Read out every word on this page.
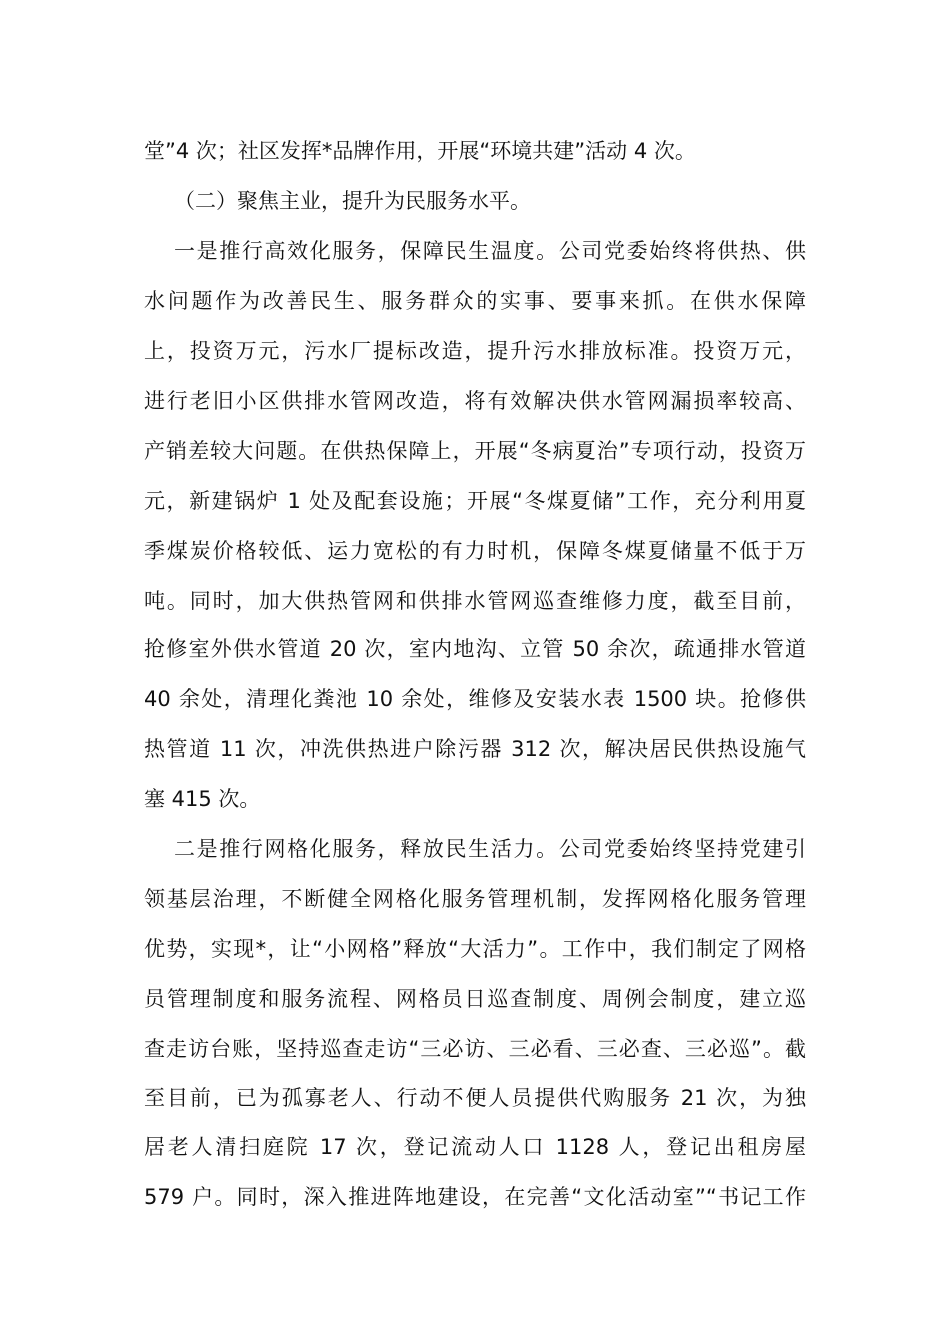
堂”4 次；社区发挥*品牌作用，开展“环境共建”活动 4 次。
（二）聚焦主业，提升为民服务水平。
一是推行高效化服务，保障民生温度。公司党委始终将供热、供
水问题作为改善民生、服务群众的实事、要事来抓。在供水保障
上，投资万元，污水厂提标改造，提升污水排放标准。投资万元，
进行老旧小区供排水管网改造，将有效解决供水管网漏损率较高、
产销差较大问题。在供热保障上，开展“冬病夏治”专项行动，投资万
元，新建锅炉 1 处及配套设施；开展“冬煤夏储”工作，充分利用夏
季煤炭价格较低、运力宽松的有力时机，保障冬煤夏储量不低于万
吨。同时，加大供热管网和供排水管网巡查维修力度，截至目前，
抢修室外供水管道 20 次，室内地沟、立管 50 余次，疏通排水管道
40 余处，清理化粪池 10 余处，维修及安装水表 1500 块。抢修供
热管道 11 次，冲洗供热进户除污器 312 次，解决居民供热设施气
塞 415 次。
二是推行网格化服务，释放民生活力。公司党委始终坚持党建引
领基层治理，不断健全网格化服务管理机制，发挥网格化服务管理
优势，实现*，让“小网格”释放“大活力”。工作中，我们制定了网格
员管理制度和服务流程、网格员日巡查制度、周例会制度，建立巡
查走访台账，坚持巡查走访“三必访、三必看、三必查、三必巡”。截
至目前，已为孤寡老人、行动不便人员提供代购服务 21 次，为独
居老人清扫庭院 17 次，登记流动人口 1128 人，登记出租房屋
579 户。同时，深入推进阵地建设，在完善“文化活动室”“书记工作
